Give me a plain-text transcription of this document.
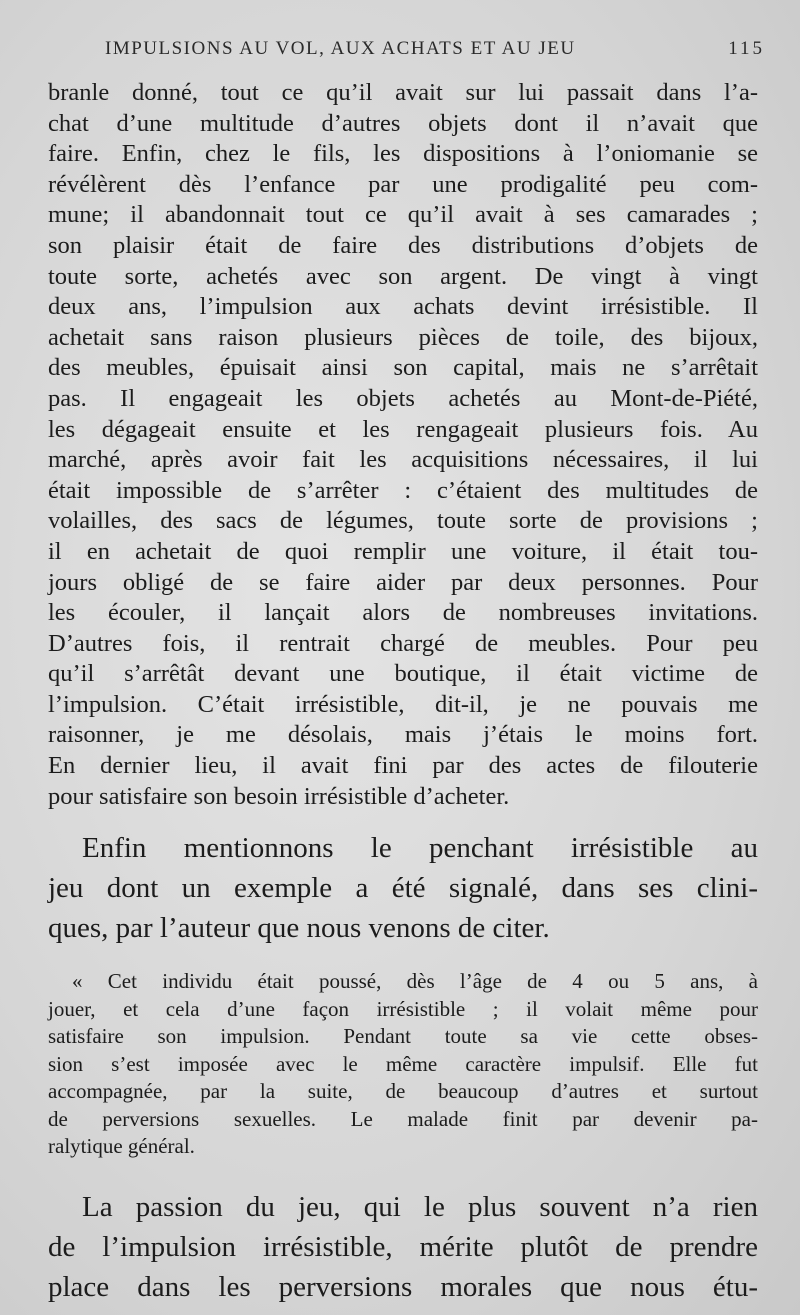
IMPULSIONS AU VOL, AUX ACHATS ET AU JEU	115
branle donné, tout ce qu’il avait sur lui passait dans l’a-
chat d’une multitude d’autres objets dont il n’avait que
faire. Enfin, chez le fils, les dispositions à l’oniomanie se
révélèrent dès l’enfance par une prodigalité peu com-
mune; il abandonnait tout ce qu’il avait à ses camarades ;
son plaisir était de faire des distributions d’objets de
toute sorte, achetés avec son argent. De vingt à vingt
deux ans, l’impulsion aux achats devint irrésistible. Il
achetait sans raison plusieurs pièces de toile, des bijoux,
des meubles, épuisait ainsi son capital, mais ne s’arrêtait
pas. Il engageait les objets achetés au Mont-de-Piété,
les dégageait ensuite et les rengageait plusieurs fois. Au
marché, après avoir fait les acquisitions nécessaires, il lui
était impossible de s’arrêter : c’étaient des multitudes de
volailles, des sacs de légumes, toute sorte de provisions ;
il en achetait de quoi remplir une voiture, il était tou-
jours obligé de se faire aider par deux personnes. Pour
les écouler, il lançait alors de nombreuses invitations.
D’autres fois, il rentrait chargé de meubles. Pour peu
qu’il s’arrêtât devant une boutique, il était victime de
l’impulsion. C’était irrésistible, dit-il, je ne pouvais me
raisonner, je me désolais, mais j’étais le moins fort.
En dernier lieu, il avait fini par des actes de filouterie
pour satisfaire son besoin irrésistible d’acheter.
Enfin mentionnons le penchant irrésistible au
jeu dont un exemple a été signalé, dans ses clini-
ques, par l’auteur que nous venons de citer.
« Cet individu était poussé, dès l’âge de 4 ou 5 ans, à
jouer, et cela d’une façon irrésistible ; il volait même pour
satisfaire son impulsion. Pendant toute sa vie cette obses-
sion s’est imposée avec le même caractère impulsif. Elle fut
accompagnée, par la suite, de beaucoup d’autres et surtout
de perversions sexuelles. Le malade finit par devenir pa-
ralytique général.
La passion du jeu, qui le plus souvent n’a rien
de l’impulsion irrésistible, mérite plutôt de prendre
place dans les perversions morales que nous étu-
